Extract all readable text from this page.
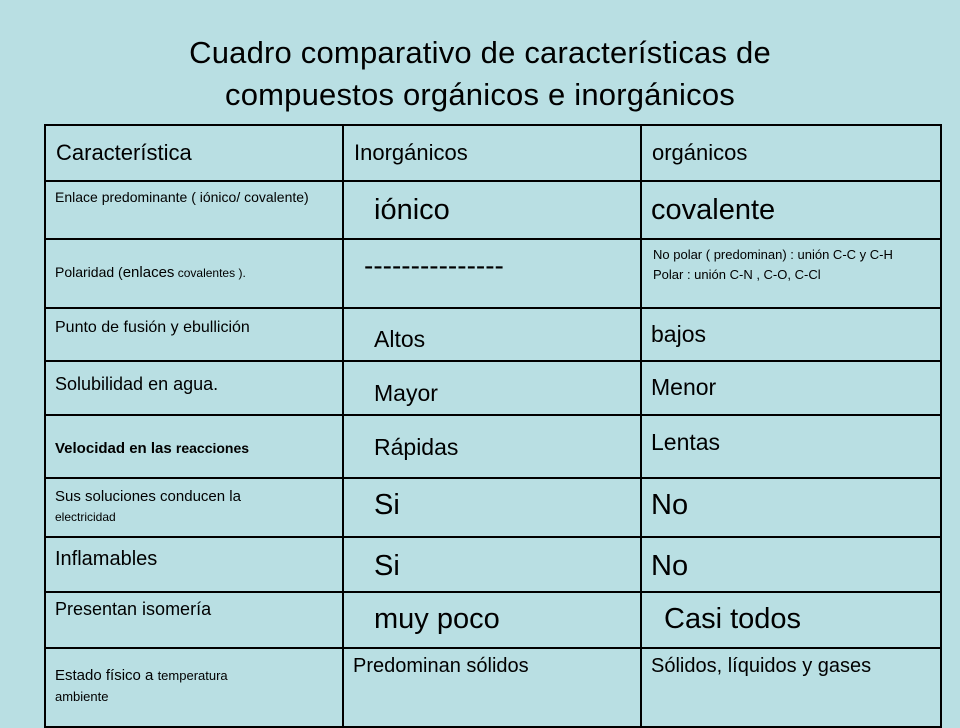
Cuadro comparativo de características de
compuestos orgánicos e inorgánicos
Característica	Inorgánicos	orgánicos

Enlace predominante ( iónico/ covalente)	iónico	covalente

Polaridad (enlaces covalentes ).	---------------	No polar ( predominan) : unión C-C y C-H
Polar : unión C-N , C-O, C-Cl

Punto de fusión y ebullición	Altos	bajos

Solubilidad en agua.	Mayor	Menor

Velocidad en las reacciones	Rápidas	Lentas

Sus soluciones conducen la
electricidad	Si	No

Inflamables	Si	No

Presentan isomería	muy poco	Casi todos

Estado físico a temperatura
ambiente	Predominan sólidos	Sólidos, líquidos y gases
